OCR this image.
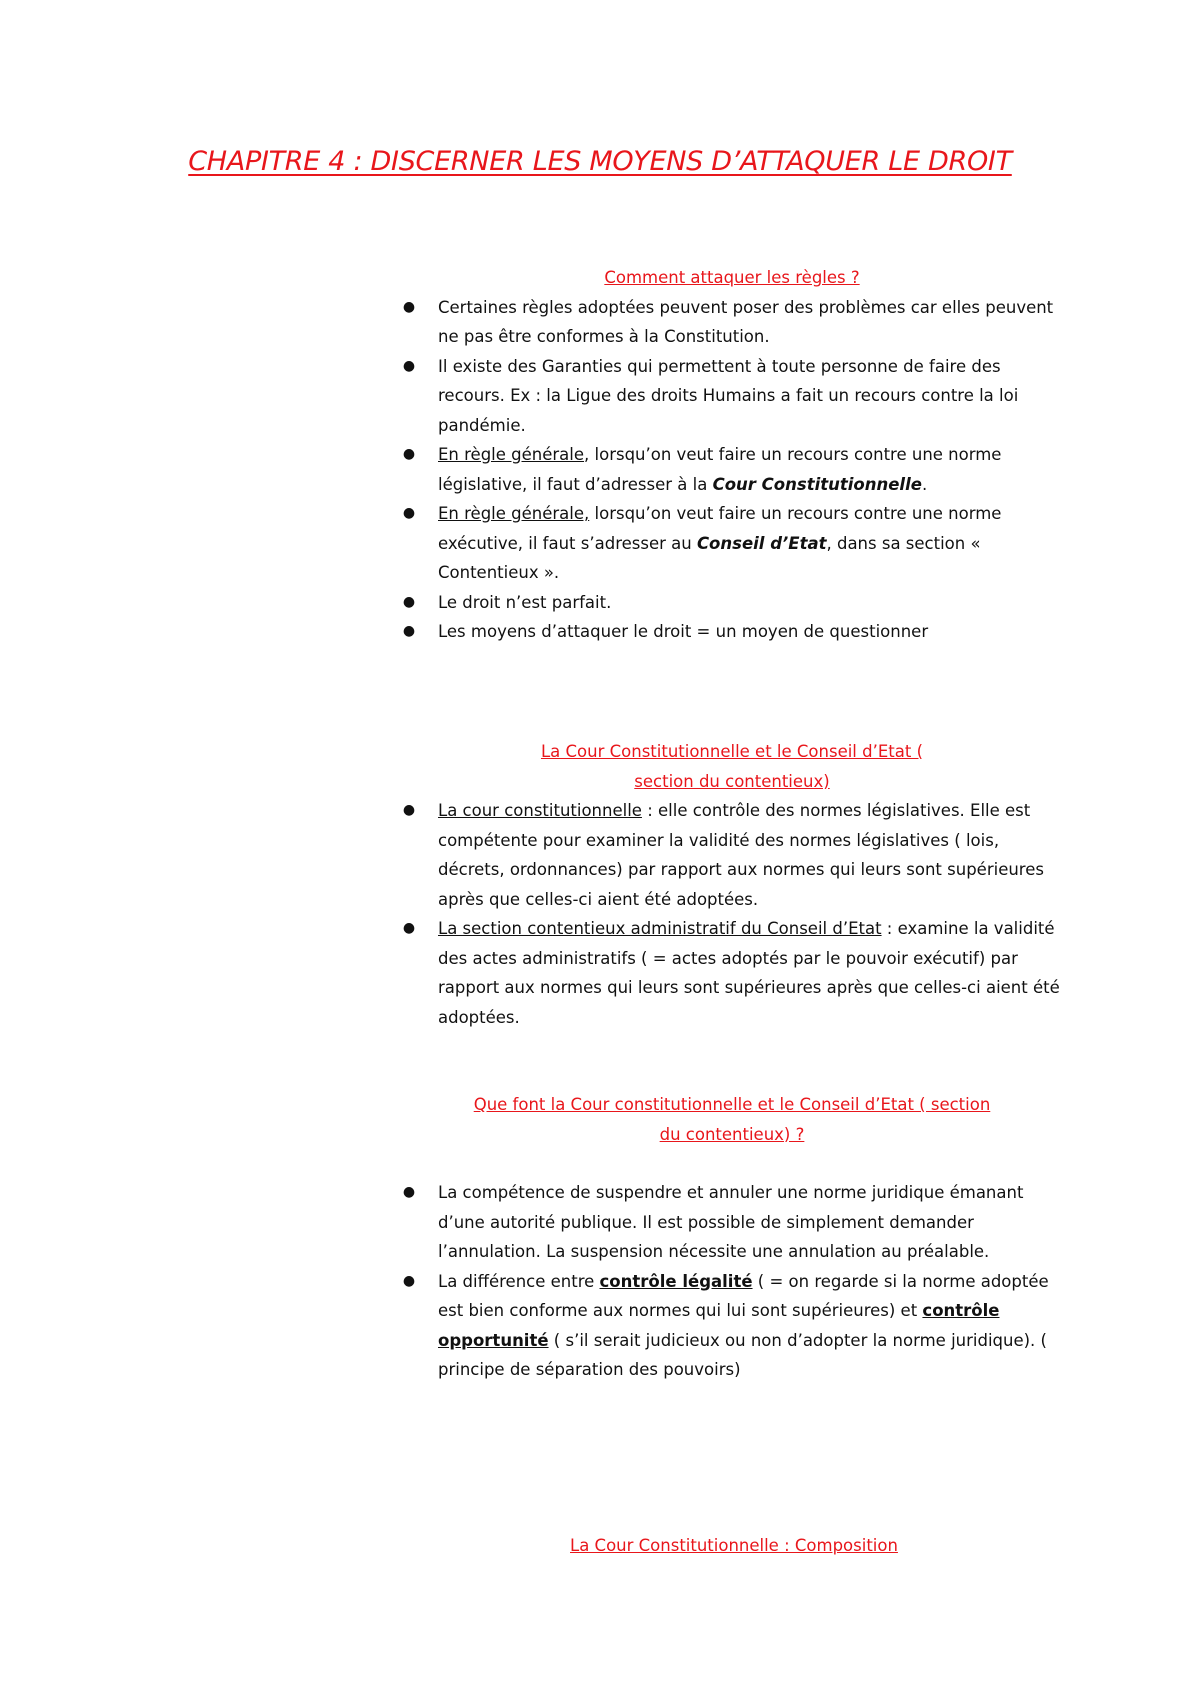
CHAPITRE 4 : DISCERNER LES MOYENS D’ATTAQUER LE DROIT
Comment attaquer les règles ?
● Certaines règles adoptées peuvent poser des problèmes car elles peuvent ne pas être conformes à la Constitution.
● Il existe des Garanties qui permettent à toute personne de faire des recours. Ex : la Ligue des droits Humains a fait un recours contre la loi pandémie.
● En règle générale, lorsqu’on veut faire un recours contre une norme législative, il faut d’adresser à la Cour Constitutionnelle.
● En règle générale, lorsqu’on veut faire un recours contre une norme exécutive, il faut s’adresser au Conseil d’Etat, dans sa section « Contentieux ».
● Le droit n’est parfait.
● Les moyens d’attaquer le droit = un moyen de questionner
La Cour Constitutionnelle et le Conseil d’Etat ( section du contentieux)
● La cour constitutionnelle : elle contrôle des normes législatives. Elle est compétente pour examiner la validité des normes législatives ( lois, décrets, ordonnances) par rapport aux normes qui leurs sont supérieures après que celles-ci aient été adoptées.
● La section contentieux administratif du Conseil d’Etat : examine la validité des actes administratifs ( = actes adoptés par le pouvoir exécutif) par rapport aux normes qui leurs sont supérieures après que celles-ci aient été adoptées.
Que font la Cour constitutionnelle et le Conseil d’Etat ( section du contentieux) ?
● La compétence de suspendre et annuler une norme juridique émanant d’une autorité publique. Il est possible de simplement demander l’annulation. La suspension nécessite une annulation au préalable.
● La différence entre contrôle légalité ( = on regarde si la norme adoptée est bien conforme aux normes qui lui sont supérieures) et contrôle opportunité ( s’il serait judicieux ou non d’adopter la norme juridique). ( principe de séparation des pouvoirs)
La Cour Constitutionnelle : Composition
